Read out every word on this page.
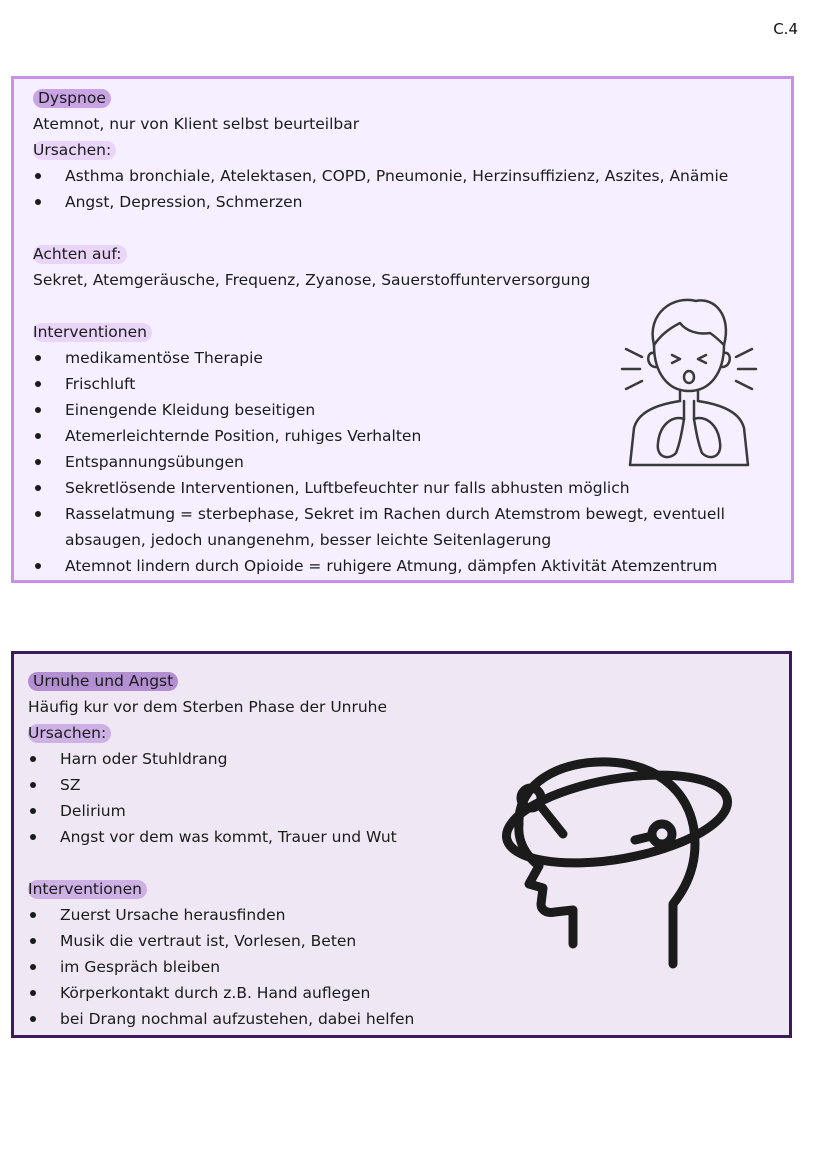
C.4
Dyspnoe
Atemnot, nur von Klient selbst beurteilbar
Ursachen:
Asthma bronchiale, Atelektasen, COPD, Pneumonie, Herzinsuffizienz, Aszites, Anämie
Angst, Depression, Schmerzen
Achten auf:
Sekret, Atemgeräusche, Frequenz, Zyanose, Sauerstoffunterversorgung
Interventionen
medikamentöse Therapie
Frischluft
Einengende Kleidung beseitigen
Atemerleichternde Position, ruhiges Verhalten
Entspannungsübungen
Sekretlösende Interventionen, Luftbefeuchter nur falls abhusten möglich
Rasselatmung = sterbephase, Sekret im Rachen durch Atemstrom bewegt, eventuell absaugen, jedoch unangenehm, besser leichte Seitenlagerung
Atemnot lindern durch Opioide = ruhigere Atmung, dämpfen Aktivität Atemzentrum
Urnuhe und Angst
Häufig kur vor dem Sterben Phase der Unruhe
Ursachen:
Harn oder Stuhldrang
SZ
Delirium
Angst vor dem was kommt, Trauer und Wut
Interventionen
Zuerst Ursache herausfinden
Musik die vertraut ist, Vorlesen, Beten
im Gespräch bleiben
Körperkontakt durch z.B. Hand auflegen
bei Drang nochmal aufzustehen, dabei helfen
